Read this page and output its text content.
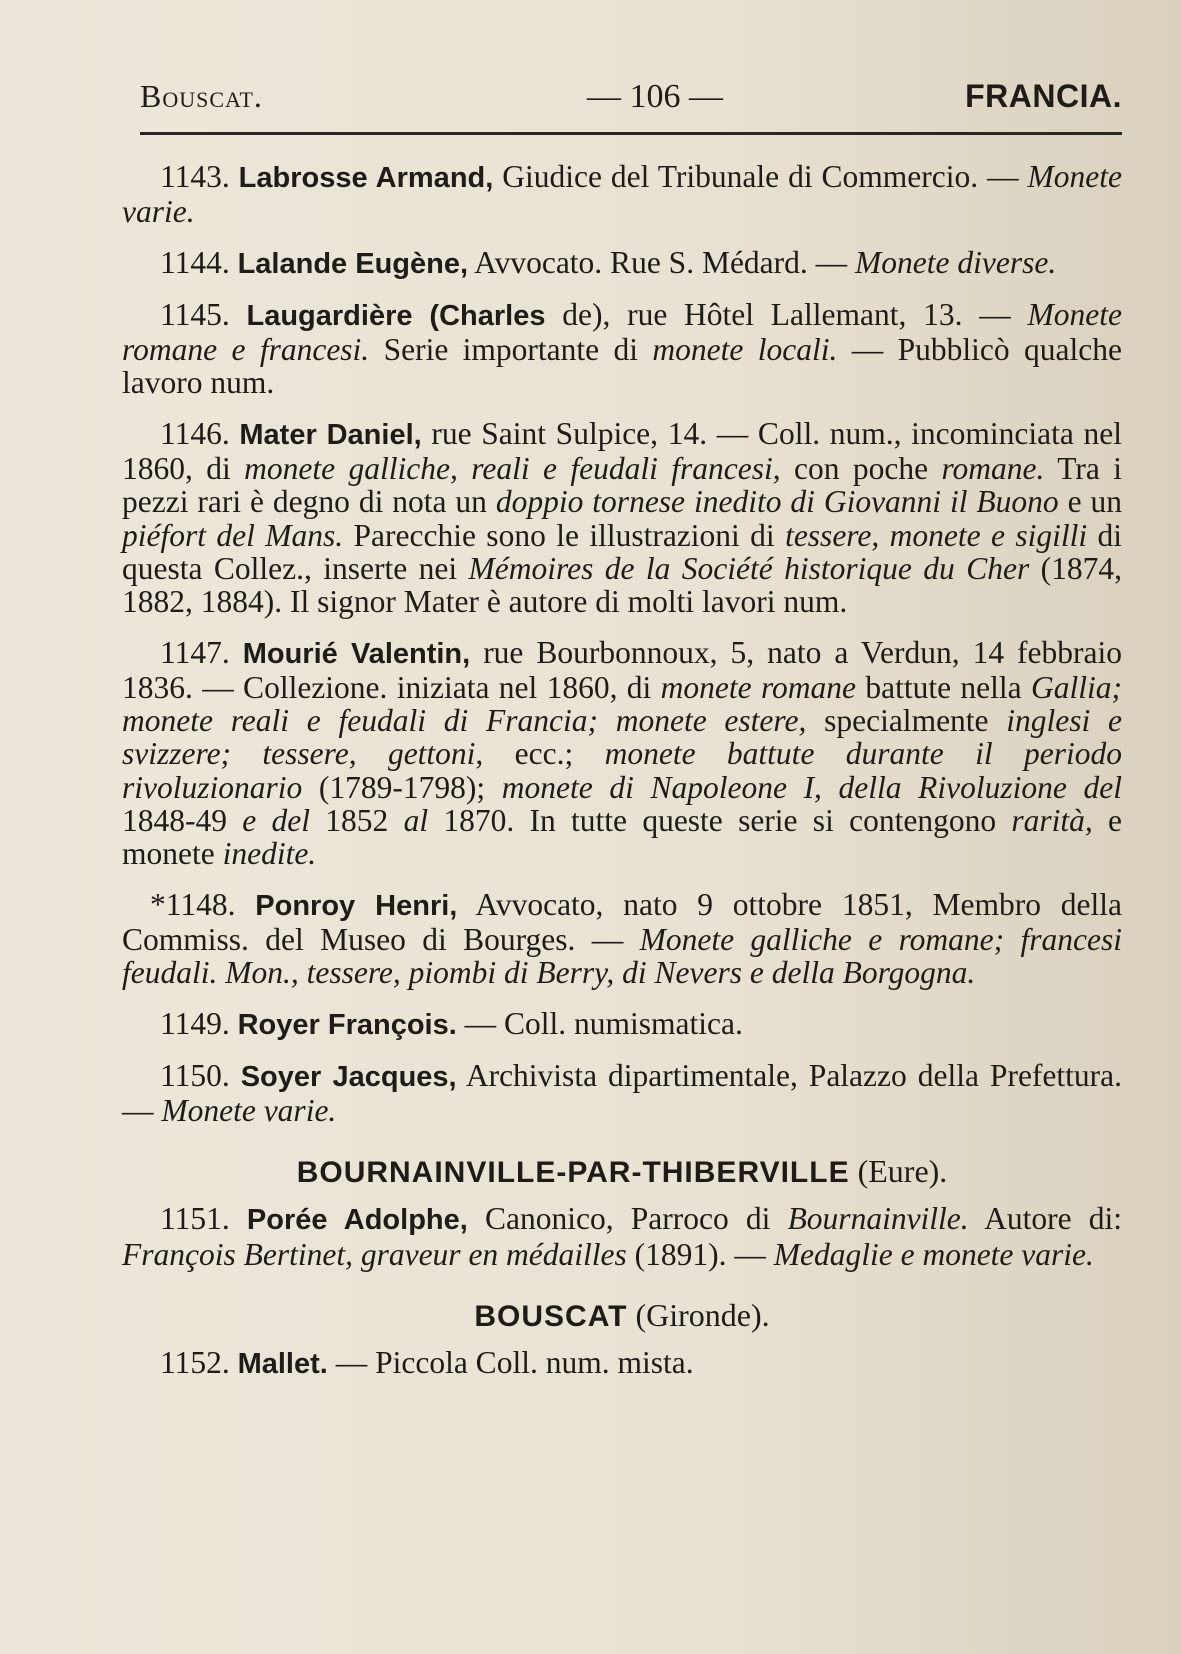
Bouscat.	— 106 —	FRANCIA.

1143. Labrosse Armand, Giudice del Tribunale di Commercio. — Monete varie.

1144. Lalande Eugène, Avvocato. Rue S. Médard. — Monete diverse.

1145. Laugardière (Charles de), rue Hôtel Lallemant, 13. — Monete romane e francesi. Serie importante di monete locali. — Pubblicò qualche lavoro num.

1146. Mater Daniel, rue Saint Sulpice, 14. — Coll. num., incominciata nel 1860, di monete galliche, reali e feudali francesi, con poche romane. Tra i pezzi rari è degno di nota un doppio tornese inedito di Giovanni il Buono e un piéfort del Mans. Parecchie sono le illustrazioni di tessere, monete e sigilli di questa Collez., inserte nei Mémoires de la Société historique du Cher (1874, 1882, 1884). Il signor Mater è autore di molti lavori num.

1147. Mourié Valentin, rue Bourbonnoux, 5, nato a Verdun, 14 febbraio 1836. — Collezione. iniziata nel 1860, di monete romane battute nella Gallia; monete reali e feudali di Francia; monete estere, specialmente inglesi e svizzere; tessere, gettoni, ecc.; monete battute durante il periodo rivoluzionario (1789-1798); monete di Napoleone I, della Rivoluzione del 1848-49 e del 1852 al 1870. In tutte queste serie si contengono rarità, e monete inedite.

*1148. Ponroy Henri, Avvocato, nato 9 ottobre 1851, Membro della Commiss. del Museo di Bourges. — Monete galliche e romane; francesi feudali. Mon., tessere, piombi di Berry, di Nevers e della Borgogna.

1149. Royer François. — Coll. numismatica.

1150. Soyer Jacques, Archivista dipartimentale, Palazzo della Prefettura. — Monete varie.

BOURNAINVILLE-PAR-THIBERVILLE (Eure).

1151. Porée Adolphe, Canonico, Parroco di Bournainville. Autore di: François Bertinet, graveur en médailles (1891). — Medaglie e monete varie.

BOUSCAT (Gironde).

1152. Mallet. — Piccola Coll. num. mista.
